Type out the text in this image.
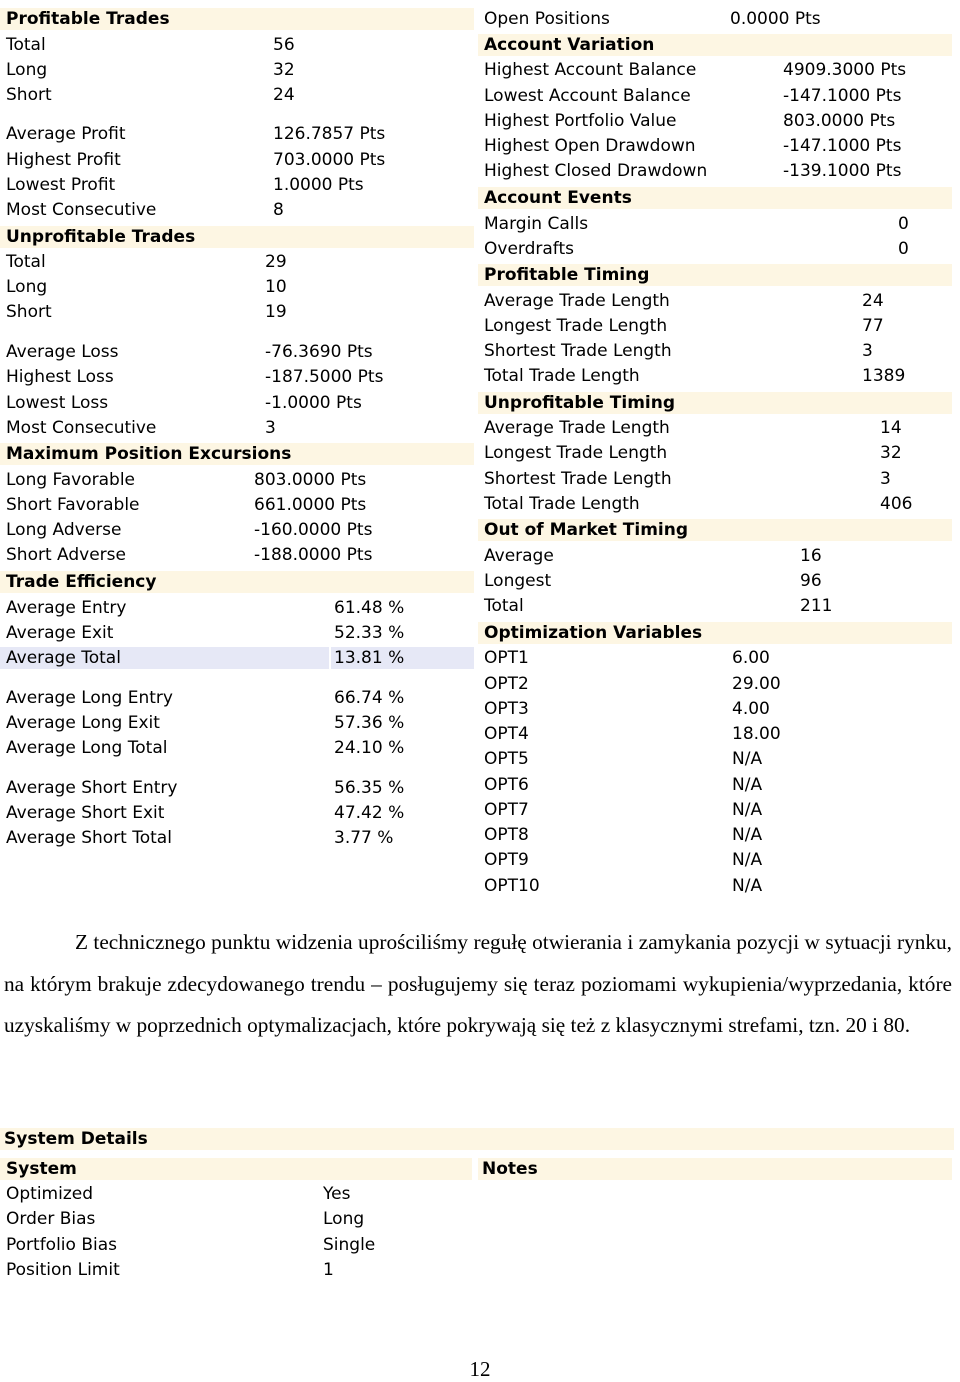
Profitable Trades
Total	56
Long	32
Short	24
Average Profit	126.7857 Pts
Highest Profit	703.0000 Pts
Lowest Profit	1.0000 Pts
Most Consecutive	8
Unprofitable Trades
Total	29
Long	10
Short	19
Average Loss	-76.3690 Pts
Highest Loss	-187.5000 Pts
Lowest Loss	-1.0000 Pts
Most Consecutive	3
Maximum Position Excursions
Long Favorable	803.0000 Pts
Short Favorable	661.0000 Pts
Long Adverse	-160.0000 Pts
Short Adverse	-188.0000 Pts
Trade Efficiency
Average Entry	61.48 %
Average Exit	52.33 %
Average Total	13.81 %
Average Long Entry	66.74 %
Average Long Exit	57.36 %
Average Long Total	24.10 %
Average Short Entry	56.35 %
Average Short Exit	47.42 %
Average Short Total	3.77 %
Open Positions	0.0000 Pts
Account Variation
Highest Account Balance	4909.3000 Pts
Lowest Account Balance	-147.1000 Pts
Highest Portfolio Value	803.0000 Pts
Highest Open Drawdown	-147.1000 Pts
Highest Closed Drawdown	-139.1000 Pts
Account Events
Margin Calls	0
Overdrafts	0
Profitable Timing
Average Trade Length	24
Longest Trade Length	77
Shortest Trade Length	3
Total Trade Length	1389
Unprofitable Timing
Average Trade Length	14
Longest Trade Length	32
Shortest Trade Length	3
Total Trade Length	406
Out of Market Timing
Average	16
Longest	96
Total	211
Optimization Variables
OPT1	6.00
OPT2	29.00
OPT3	4.00
OPT4	18.00
OPT5	N/A
OPT6	N/A
OPT7	N/A
OPT8	N/A
OPT9	N/A
OPT10	N/A

Z technicznego punktu widzenia uprościliśmy regułę otwierania i zamykania pozycji w sytuacji rynku, na którym brakuje zdecydowanego trendu – posługujemy się teraz poziomami wykupienia/wyprzedania, które uzyskaliśmy w poprzednich optymalizacjach, które pokrywają się też z klasycznymi strefami, tzn. 20 i 80.

System Details
System	Notes
Optimized	Yes
Order Bias	Long
Portfolio Bias	Single
Position Limit	1
12
